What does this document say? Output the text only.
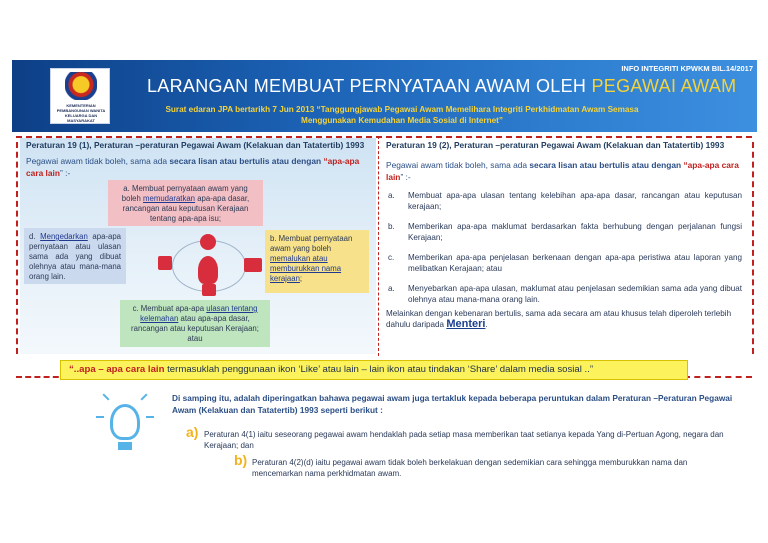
KEMENTERIAN PEMBANGUNAN WANITA KELUARGA DAN MASYARAKAT
INFO INTEGRITI KPWKM BIL.14/2017
LARANGAN MEMBUAT PERNYATAAN AWAM OLEH PEGAWAI AWAM
Surat edaran JPA bertarikh 7 Jun 2013 “Tanggungjawab Pegawai Awam Memelihara Integriti Perkhidmatan Awam Semasa Menggunakan Kemudahan Media Sosial di Internet”
Peraturan 19 (1), Peraturan –peraturan Pegawai Awam (Kelakuan dan Tatatertib) 1993
Pegawai awam tidak boleh, sama ada secara lisan atau bertulis atau dengan “apa-apa cara lain” :-
a. Membuat pernyataan awam yang boleh memudaratkan apa-apa dasar, rancangan atau keputusan Kerajaan tentang apa-apa isu;
b. Membuat pernyataan awam yang boleh memalukan atau memburukkan nama kerajaan;
c. Membuat apa-apa ulasan tentang kelemahan atau apa-apa dasar, rancangan atau keputusan Kerajaan; atau
d. Mengedarkan apa-apa pernyataan atau ulasan sama ada yang dibuat olehnya atau mana-mana orang lain.
Peraturan 19 (2), Peraturan –peraturan Pegawai Awam (Kelakuan dan Tatatertib) 1993
Pegawai awam tidak boleh, sama ada secara lisan atau bertulis atau dengan “apa-apa cara lain” :-
a. Membuat apa-apa ulasan tentang kelebihan apa-apa dasar, rancangan atau keputusan kerajaan;
b. Memberikan apa-apa maklumat berdasarkan fakta berhubung dengan perjalanan fungsi Kerajaan;
c. Memberikan apa-apa penjelasan berkenaan dengan apa-apa peristiwa atau laporan yang melibatkan Kerajaan; atau
a. Menyebarkan apa-apa ulasan, maklumat atau penjelasan sedemikian sama ada yang dibuat olehnya atau mana-mana orang lain.
Melainkan dengan kebenaran bertulis, sama ada secara am atau khusus telah diperoleh terlebih dahulu daripada Menteri.
“..apa – apa cara lain termasuklah penggunaan ikon ‘Like’ atau lain – lain ikon atau tindakan ‘Share’ dalam media sosial ..”
Di samping itu, adalah diperingatkan bahawa pegawai awam juga tertakluk kepada beberapa peruntukan dalam Peraturan –Peraturan Pegawai Awam (Kelakuan dan Tatatertib) 1993 seperti berikut :
a) Peraturan 4(1) iaitu seseorang pegawai awam hendaklah pada setiap masa memberikan taat setianya kepada Yang di-Pertuan Agong, negara dan Kerajaan; dan
b) Peraturan 4(2)(d) iaitu pegawai awam tidak boleh berkelakuan dengan sedemikian cara sehingga memburukkan nama dan mencemarkan nama perkhidmatan awam.
